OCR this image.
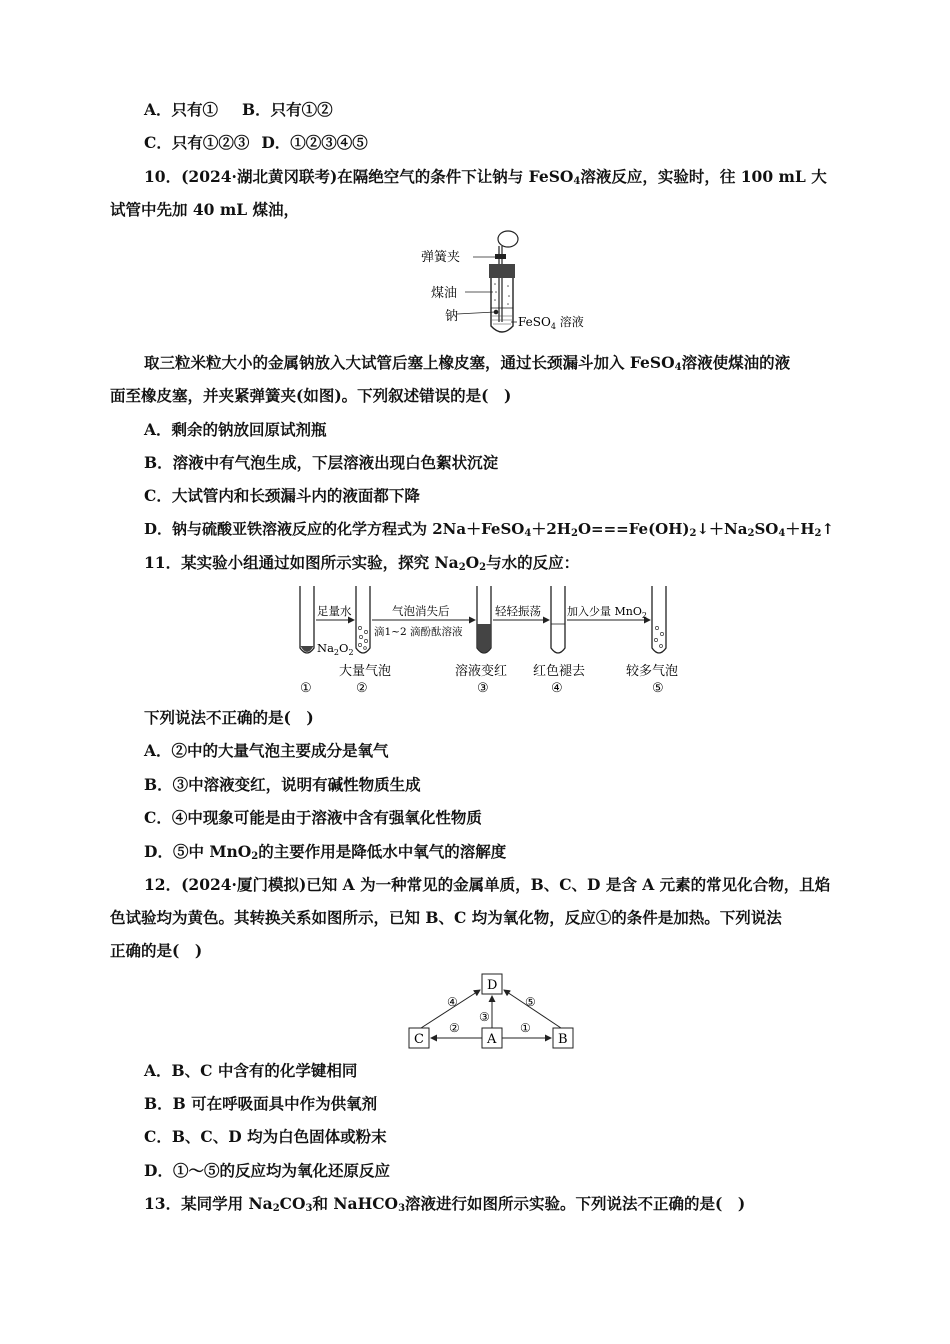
A．只有① B．只有①②
C．只有①②③ D．①②③④⑤
10．(2024·湖北黄冈联考)在隔绝空气的条件下让钠与 FeSO$_4$溶液反应，实验时，往 100 mL 大
试管中先加 40 mL 煤油，
弹簧夹
煤油
钠	FeSO$_4$ 溶液
取三粒米粒大小的金属钠放入大试管后塞上橡皮塞，通过长颈漏斗加入 FeSO$_4$溶液使煤油的液
面至橡皮塞，并夹紧弹簧夹(如图)。下列叙述错误的是(　)
A．剩余的钠放回原试剂瓶
B．溶液中有气泡生成，下层溶液出现白色絮状沉淀
C．大试管内和长颈漏斗内的液面都下降
D．钠与硫酸亚铁溶液反应的化学方程式为 $2Na+FeSO_4+2H_2O===Fe(OH)_2↓+Na_2SO_4+H_2↑$
11．某实验小组通过如图所示实验，探究 $Na_2O_2$与水的反应：
足量水
$Na_2O_2$
气泡消失后
滴1~2 滴酚酞溶液
轻轻振荡 加入少量 MnO$_2$
大量气泡	溶液变红 红色褪去	较多气泡
①	②	③	④	⑤
下列说法不正确的是(　)
A．②中的大量气泡主要成分是氧气
B．③中溶液变红，说明有碱性物质生成
C．④中现象可能是由于溶液中含有强氧化性物质
D．⑤中 MnO$_2$的主要作用是降低水中氧气的溶解度
12．(2024·厦门模拟)已知 A 为一种常见的金属单质，B、C、D 是含 A 元素的常见化合物，且焰
色试验均为黄色。其转换关系如图所示，已知 B、C 均为氧化物，反应①的条件是加热。下列说法
正确的是(　)
D
C	A	B
④	⑤
③
②	①
A．B、C 中含有的化学键相同
B．B 可在呼吸面具中作为供氧剂
C．B、C、D 均为白色固体或粉末
D．①～⑤的反应均为氧化还原反应
13．某同学用 $Na_2CO_3$和 NaHCO$_3$溶液进行如图所示实验。下列说法不正确的是(　)
